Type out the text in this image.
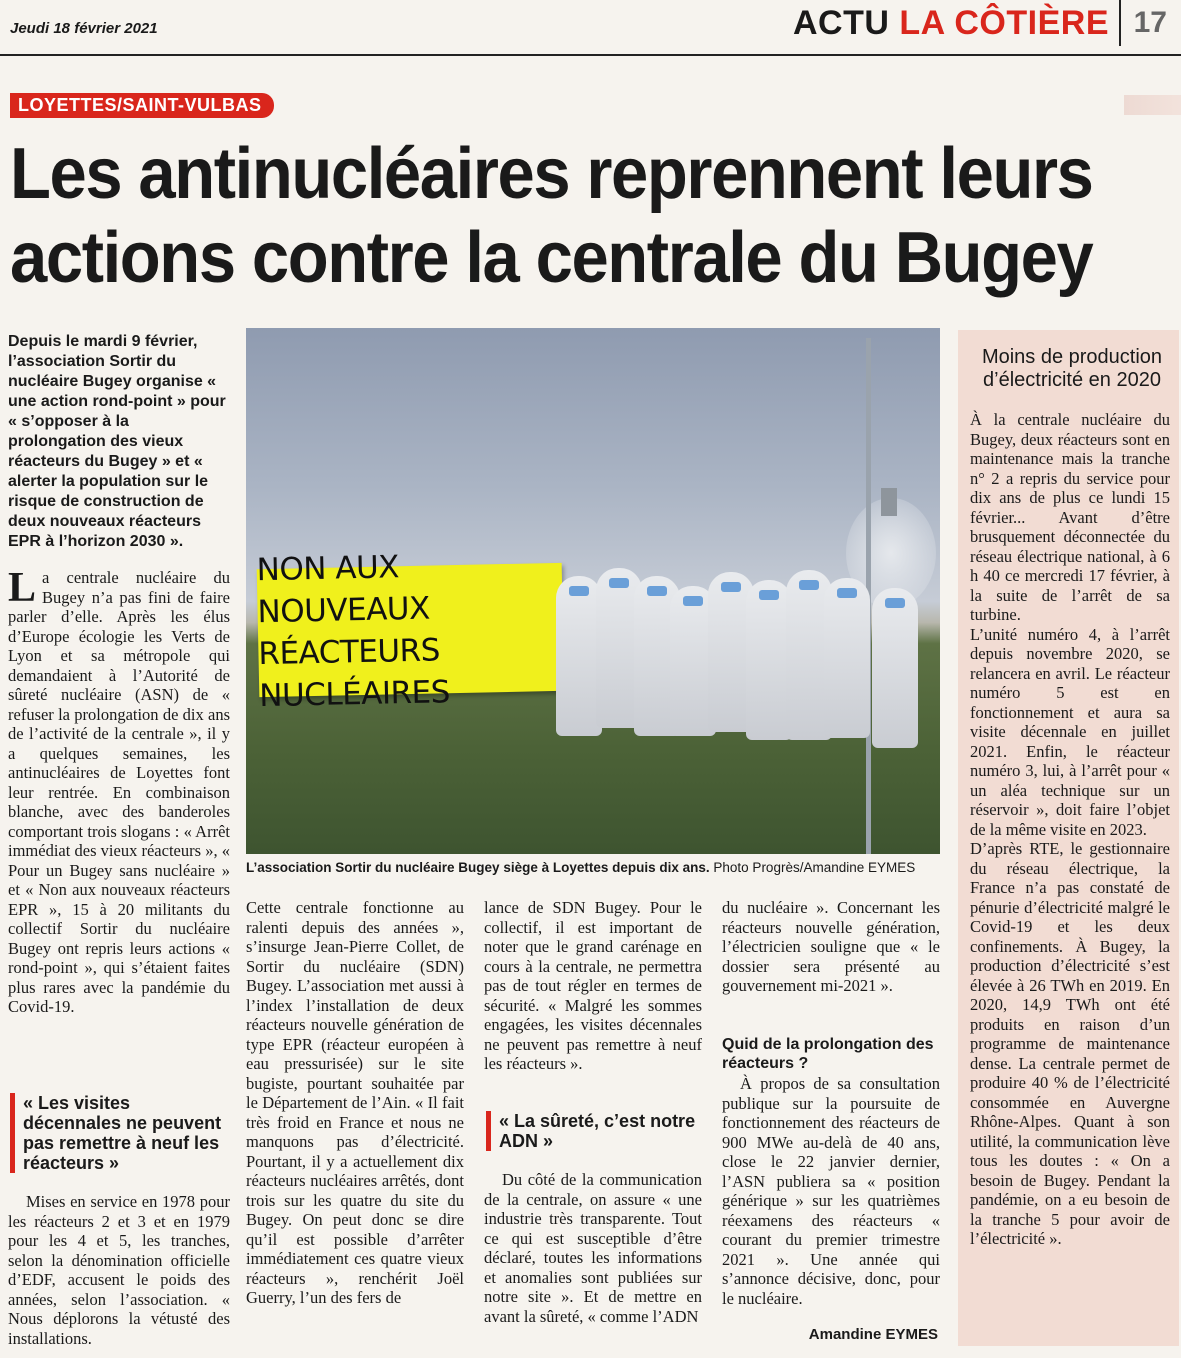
Jeudi 18 février 2021	ACTU LA CÔTIÈRE 17
LOYETTES/SAINT-VULBAS
Les antinucléaires reprennent leurs
actions contre la centrale du Bugey
Depuis le mardi 9 février, l’association Sortir du nucléaire Bugey organise « une action rond-point » pour « s’opposer à la prolongation des vieux réacteurs du Bugey » et « alerter la population sur le risque de construction de deux nouveaux réacteurs EPR à l’horizon 2030 ».
La centrale nucléaire du Bugey n’a pas fini de faire parler d’elle. Après les élus d’Europe écologie les Verts de Lyon et sa métropole qui demandaient à l’Autorité de sûreté nucléaire (ASN) de « refuser la prolongation de dix ans de l’activité de la centrale », il y a quelques semaines, les antinucléaires de Loyettes font leur rentrée. En combinaison blanche, avec des banderoles comportant trois slogans : « Arrêt immédiat des vieux réacteurs », « Pour un Bugey sans nucléaire » et « Non aux nouveaux réacteurs EPR », 15 à 20 militants du collectif Sortir du nucléaire Bugey ont repris leurs actions « rond-point », qui s’étaient faites plus rares avec la pandémie du Covid-19.
« Les visites décennales ne peuvent pas remettre à neuf les réacteurs »
Mises en service en 1978 pour les réacteurs 2 et 3 et en 1979 pour les 4 et 5, les tranches, selon la dénomination officielle d’EDF, accusent le poids des années, selon l’association. « Nous déplorons la vétusté des installations.
NON AUX NOUVEAUX
RÉACTEURS NUCLÉAIRES
L’association Sortir du nucléaire Bugey siège à Loyettes depuis dix ans. Photo Progrès/Amandine EYMES
Cette centrale fonctionne au ralenti depuis des années », s’insurge Jean-Pierre Collet, de Sortir du nucléaire (SDN) Bugey. L’association met aussi à l’index l’installation de deux réacteurs nouvelle génération de type EPR (réacteur européen à eau pressurisée) sur le site bugiste, pourtant souhaitée par le Département de l’Ain. « Il fait très froid en France et nous ne manquons pas d’électricité. Pourtant, il y a actuellement dix réacteurs nucléaires arrêtés, dont trois sur les quatre du site du Bugey. On peut donc se dire qu’il est possible d’arrêter immédiatement ces quatre vieux réacteurs », renchérit Joël Guerry, l’un des fers de
lance de SDN Bugey. Pour le collectif, il est important de noter que le grand carénage en cours à la centrale, ne permettra pas de tout régler en termes de sécurité. « Malgré les sommes engagées, les visites décennales ne peuvent pas remettre à neuf les réacteurs ».
« La sûreté, c’est notre ADN »
Du côté de la communication de la centrale, on assure « une industrie très transparente. Tout ce qui est susceptible d’être déclaré, toutes les informations et anomalies sont publiées sur notre site ». Et de mettre en avant la sûreté, « comme l’ADN
du nucléaire ». Concernant les réacteurs nouvelle génération, l’électricien souligne que « le dossier sera présenté au gouvernement mi-2021 ».
Quid de la prolongation des réacteurs ?
À propos de sa consultation publique sur la poursuite de fonctionnement des réacteurs de 900 MWe au-delà de 40 ans, close le 22 janvier dernier, l’ASN publiera sa « position générique » sur les quatrièmes réexamens des réacteurs « courant du premier trimestre 2021 ». Une année qui s’annonce décisive, donc, pour le nucléaire.
Amandine EYMES
Moins de production d’électricité en 2020

À la centrale nucléaire du Bugey, deux réacteurs sont en maintenance mais la tranche n° 2 a repris du service pour dix ans de plus ce lundi 15 février... Avant d’être brusquement déconnectée du réseau électrique national, à 6 h 40 ce mercredi 17 février, à la suite de l’arrêt de sa turbine.

L’unité numéro 4, à l’arrêt depuis novembre 2020, se relancera en avril. Le réacteur numéro 5 est en fonctionnement et aura sa visite décennale en juillet 2021. Enfin, le réacteur numéro 3, lui, à l’arrêt pour « un aléa technique sur un réservoir », doit faire l’objet de la même visite en 2023.

D’après RTE, le gestionnaire du réseau électrique, la France n’a pas constaté de pénurie d’électricité malgré le Covid-19 et les deux confinements. À Bugey, la production d’électricité s’est élevée à 26 TWh en 2019. En 2020, 14,9 TWh ont été produits en raison d’un programme de maintenance dense. La centrale permet de produire 40 % de l’électricité consommée en Auvergne Rhône-Alpes. Quant à son utilité, la communication lève tous les doutes : « On a besoin de Bugey. Pendant la pandémie, on a eu besoin de la tranche 5 pour avoir de l’électricité ».
